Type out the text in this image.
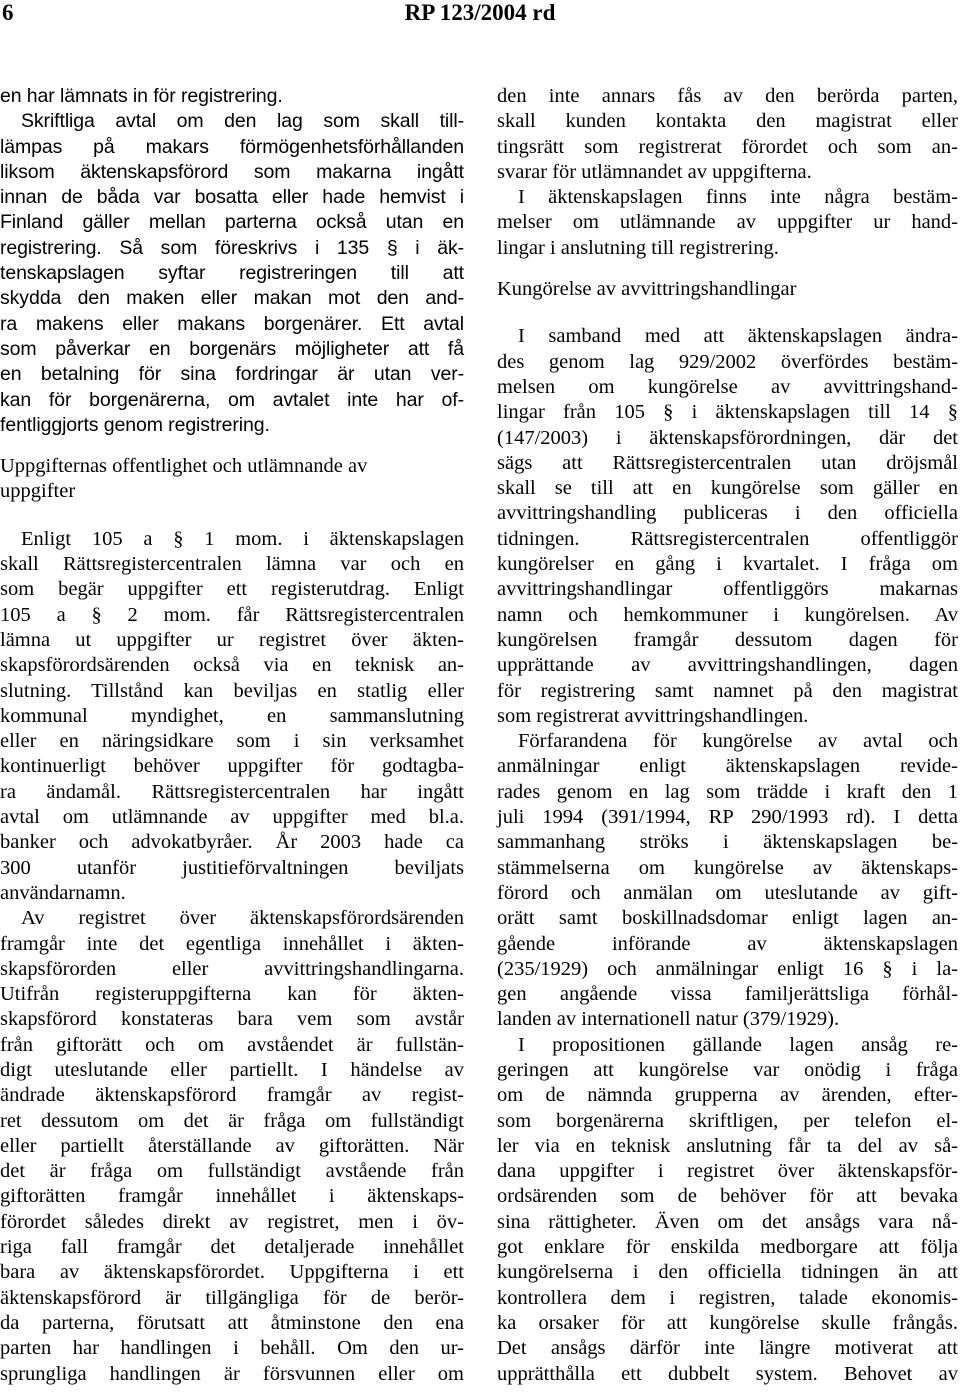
6	RP 123/2004 rd
en har lämnats in för registrering.
Skriftliga avtal om den lag som skall till-
lämpas på makars förmögenhetsförhållanden
liksom äktenskapsförord som makarna ingått
innan de båda var bosatta eller hade hemvist i
Finland gäller mellan parterna också utan en
registrering. Så som föreskrivs i 135 § i äk-
tenskapslagen syftar registreringen till att
skydda den maken eller makan mot den and-
ra makens eller makans borgenärer. Ett avtal
som påverkar en borgenärs möjligheter att få
en betalning för sina fordringar är utan ver-
kan för borgenärerna, om avtalet inte har of-
fentliggjorts genom registrering.
Uppgifternas offentlighet och utlämnande av
uppgifter
Enligt 105 a § 1 mom. i äktenskapslagen
skall Rättsregistercentralen lämna var och en
som begär uppgifter ett registerutdrag. Enligt
105 a § 2 mom. får Rättsregistercentralen
lämna ut uppgifter ur registret över äkten-
skapsförordsärenden också via en teknisk an-
slutning. Tillstånd kan beviljas en statlig eller
kommunal myndighet, en sammanslutning
eller en näringsidkare som i sin verksamhet
kontinuerligt behöver uppgifter för godtagba-
ra ändamål. Rättsregistercentralen har ingått
avtal om utlämnande av uppgifter med bl.a.
banker och advokatbyråer. År 2003 hade ca
300 utanför justitieförvaltningen beviljats
användarnamn.
Av registret över äktenskapsförordsärenden
framgår inte det egentliga innehållet i äkten-
skapsförorden eller avvittringshandlingarna.
Utifrån registeruppgifterna kan för äkten-
skapsförord konstateras bara vem som avstår
från giftorätt och om avståendet är fullstän-
digt uteslutande eller partiellt. I händelse av
ändrade äktenskapsförord framgår av regist-
ret dessutom om det är fråga om fullständigt
eller partiellt återställande av giftorätten. När
det är fråga om fullständigt avstående från
giftorätten framgår innehållet i äktenskaps-
förordet således direkt av registret, men i öv-
riga fall framgår det detaljerade innehållet
bara av äktenskapsförordet. Uppgifterna i ett
äktenskapsförord är tillgängliga för de berör-
da parterna, förutsatt att åtminstone den ena
parten har handlingen i behåll. Om den ur-
sprungliga handlingen är försvunnen eller om
den inte annars fås av den berörda parten,
skall kunden kontakta den magistrat eller
tingsrätt som registrerat förordet och som an-
svarar för utlämnandet av uppgifterna.
I äktenskapslagen finns inte några bestäm-
melser om utlämnande av uppgifter ur hand-
lingar i anslutning till registrering.
Kungörelse av avvittringshandlingar
I samband med att äktenskapslagen ändra-
des genom lag 929/2002 överfördes bestäm-
melsen om kungörelse av avvittringshand-
lingar från 105 § i äktenskapslagen till 14 §
(147/2003) i äktenskapsförordningen, där det
sägs att Rättsregistercentralen utan dröjsmål
skall se till att en kungörelse som gäller en
avvittringshandling publiceras i den officiella
tidningen. Rättsregistercentralen offentliggör
kungörelser en gång i kvartalet. I fråga om
avvittringshandlingar offentliggörs makarnas
namn och hemkommuner i kungörelsen. Av
kungörelsen framgår dessutom dagen för
upprättande av avvittringshandlingen, dagen
för registrering samt namnet på den magistrat
som registrerat avvittringshandlingen.
Förfarandena för kungörelse av avtal och
anmälningar enligt äktenskapslagen revide-
rades genom en lag som trädde i kraft den 1
juli 1994 (391/1994, RP 290/1993 rd). I detta
sammanhang ströks i äktenskapslagen be-
stämmelserna om kungörelse av äktenskaps-
förord och anmälan om uteslutande av gift-
orätt samt boskillnadsdomar enligt lagen an-
gående införande av äktenskapslagen
(235/1929) och anmälningar enligt 16 § i la-
gen angående vissa familjerättsliga förhål-
landen av internationell natur (379/1929).
I propositionen gällande lagen ansåg re-
geringen att kungörelse var onödig i fråga
om de nämnda grupperna av ärenden, efter-
som borgenärerna skriftligen, per telefon el-
ler via en teknisk anslutning får ta del av så-
dana uppgifter i registret över äktenskapsför-
ordsärenden som de behöver för att bevaka
sina rättigheter. Även om det ansågs vara nå-
got enklare för enskilda medborgare att följa
kungörelserna i den officiella tidningen än att
kontrollera dem i registren, talade ekonomis-
ka orsaker för att kungörelse skulle frångås.
Det ansågs därför inte längre motiverat att
upprätthålla ett dubbelt system. Behovet av
